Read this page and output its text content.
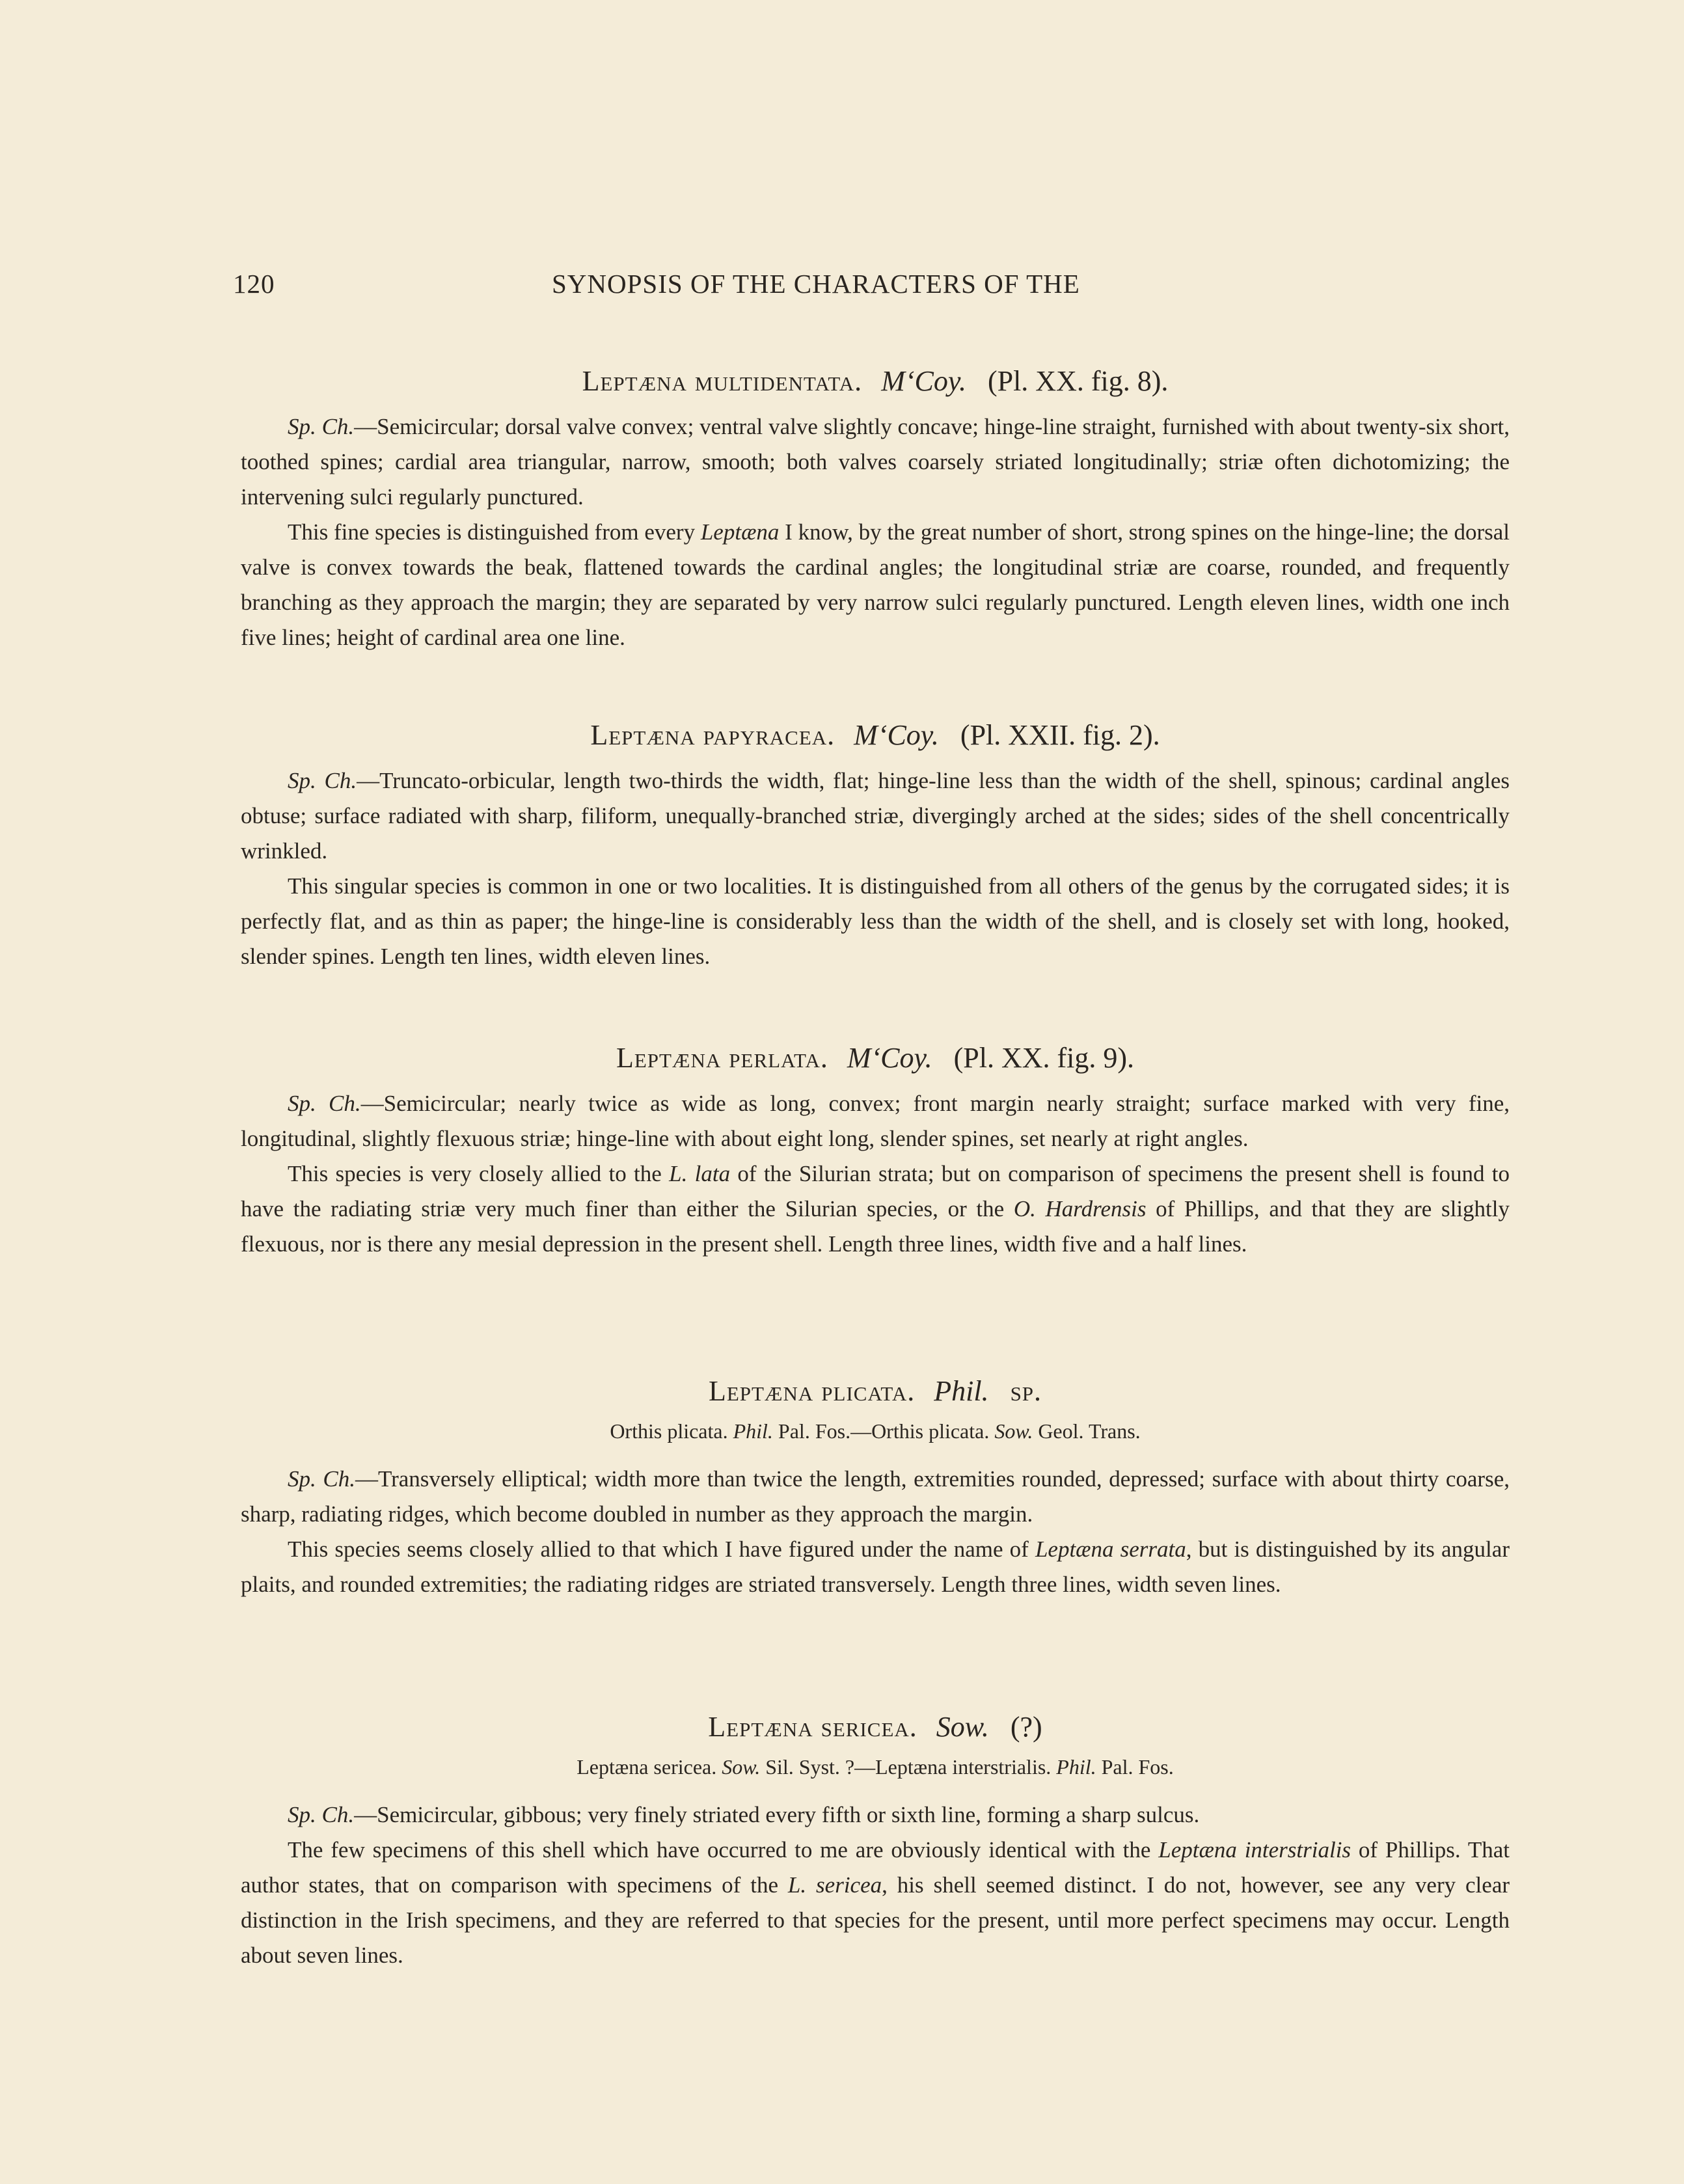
120	SYNOPSIS OF THE CHARACTERS OF THE
Leptæna multidentata. M‘Coy. (Pl. XX. fig. 8).

Sp. Ch.—Semicircular; dorsal valve convex; ventral valve slightly concave; hinge-line straight, furnished with about twenty-six short, toothed spines; cardial area triangular, narrow, smooth; both valves coarsely striated longitudinally; striæ often dichotomizing; the intervening sulci regularly punctured.

This fine species is distinguished from every Leptæna I know, by the great number of short, strong spines on the hinge-line; the dorsal valve is convex towards the beak, flattened towards the cardinal angles; the longitudinal striæ are coarse, rounded, and frequently branching as they approach the margin; they are separated by very narrow sulci regularly punctured. Length eleven lines, width one inch five lines; height of cardinal area one line.

Leptæna papyracea. M‘Coy. (Pl. XXII. fig. 2).

Sp. Ch.—Truncato-orbicular, length two-thirds the width, flat; hinge-line less than the width of the shell, spinous; cardinal angles obtuse; surface radiated with sharp, filiform, unequally-branched striæ, divergingly arched at the sides; sides of the shell concentrically wrinkled.

This singular species is common in one or two localities. It is distinguished from all others of the genus by the corrugated sides; it is perfectly flat, and as thin as paper; the hinge-line is considerably less than the width of the shell, and is closely set with long, hooked, slender spines. Length ten lines, width eleven lines.

Leptæna perlata. M‘Coy. (Pl. XX. fig. 9).

Sp. Ch.—Semicircular; nearly twice as wide as long, convex; front margin nearly straight; surface marked with very fine, longitudinal, slightly flexuous striæ; hinge-line with about eight long, slender spines, set nearly at right angles.

This species is very closely allied to the L. lata of the Silurian strata; but on comparison of specimens the present shell is found to have the radiating striæ very much finer than either the Silurian species, or the O. Hardrensis of Phillips, and that they are slightly flexuous, nor is there any mesial depression in the present shell. Length three lines, width five and a half lines.

Leptæna plicata. Phil. sp.
Orthis plicata. Phil. Pal. Fos.—Orthis plicata. Sow. Geol. Trans.

Sp. Ch.—Transversely elliptical; width more than twice the length, extremities rounded, depressed; surface with about thirty coarse, sharp, radiating ridges, which become doubled in number as they approach the margin.

This species seems closely allied to that which I have figured under the name of Leptæna serrata, but is distinguished by its angular plaits, and rounded extremities; the radiating ridges are striated transversely. Length three lines, width seven lines.

Leptæna sericea. Sow. (?)
Leptæna sericea. Sow. Sil. Syst. ?—Leptæna interstrialis. Phil. Pal. Fos.

Sp. Ch.—Semicircular, gibbous; very finely striated every fifth or sixth line, forming a sharp sulcus.

The few specimens of this shell which have occurred to me are obviously identical with the Leptæna interstrialis of Phillips. That author states, that on comparison with specimens of the L. sericea, his shell seemed distinct. I do not, however, see any very clear distinction in the Irish specimens, and they are referred to that species for the present, until more perfect specimens may occur. Length about seven lines.
